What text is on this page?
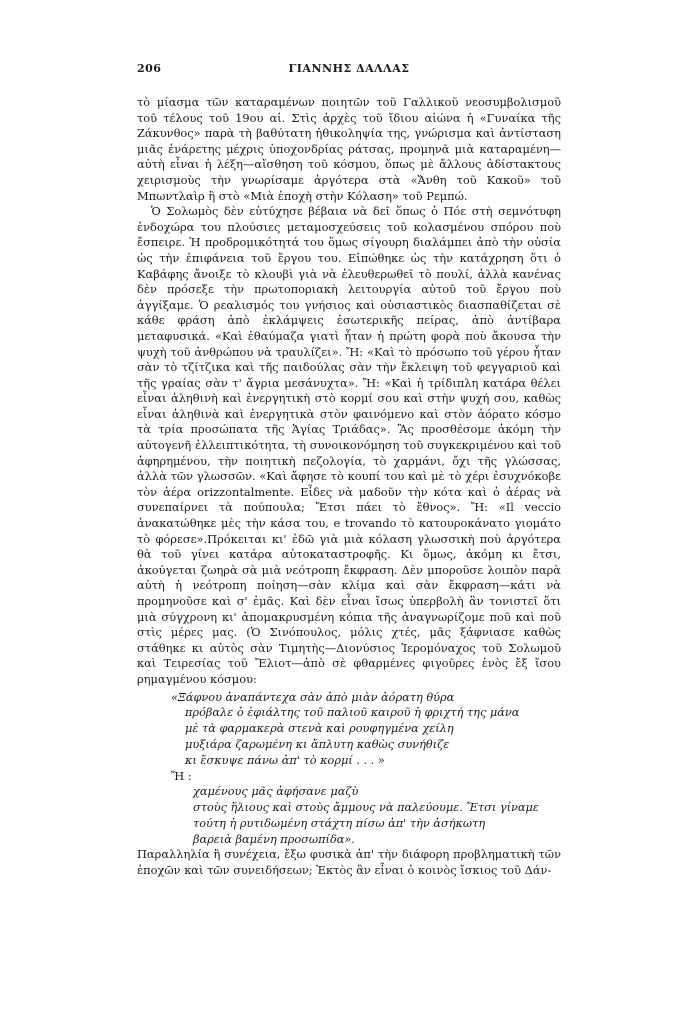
206	ΓΙΑΝΝΗΣ ΔΑΛΛΑΣ

τὸ μίασμα τῶν καταραμένων ποιητῶν τοῦ Γαλλικοῦ νεοσυμβολισμοῦ τοῦ τέλους τοῦ 19ου αἰ. Στὶς ἀρχὲς τοῦ ἴδιου αἰώνα ἡ «Γυναίκα τῆς Ζάκυνθος» παρὰ τὴ βαθύτατη ἠθικοληψία της, γνώρισμα καὶ ἀντίσταση μιᾶς ἐνάρετης μέχρις ὑποχονδρίας ράτσας, προμηνᾶ μιὰ καταραμένη—αὐτὴ εἶναι ἡ λέξη—αἴσθηση τοῦ κόσμου, ὅπως μὲ ἄλλους ἀδίστακτους χειρισμοὺς τὴν γνωρίσαμε ἀργότερα στὰ «Ἄνθη τοῦ Κακοῦ» τοῦ Μπωντλαὶρ ἢ στὸ «Μιὰ ἐποχὴ στὴν Κόλαση» τοῦ Ρεμπώ.

Ὁ Σολωμὸς δὲν εὐτύχησε βέβαια νὰ δεῖ ὅπως ὁ Πόε στὴ σεμνότυφη ἐνδοχώρα του πλούσιες μεταμοσχεύσεις τοῦ κολασμένου σπόρου ποὺ ἔσπειρε. Ἡ προδρομικότητά του ὅμως σίγουρη διαλάμπει ἀπὸ τὴν οὐσία ὡς τὴν ἐπιφάνεια τοῦ ἔργου του. Εἰπώθηκε ὡς τὴν κατάχρηση ὅτι ὁ Καβάφης ἄνοιξε τὸ κλουβὶ γιὰ νὰ ἐλευθερωθεῖ τὸ πουλί, ἀλλὰ κανένας δὲν πρόσεξε τὴν πρωτοποριακὴ λειτουργία αὐτοῦ τοῦ ἔργου ποὺ ἀγγίξαμε. Ὁ ρεαλισμός του γνήσιος καὶ οὐσιαστικὸς διασπαθίζεται σὲ κάθε φράση ἀπὸ ἐκλάμψεις ἐσωτερικῆς πείρας, ἀπὸ ἀντίβαρα μεταφυσικά. «Καὶ ἐθαύμαζα γιατὶ ἦταν ἡ πρώτη φορὰ ποὺ ἄκουσα τὴν ψυχὴ τοῦ ἀνθρώπου νὰ τραυλίζει». Ἤ: «Καὶ τὸ πρόσωπο τοῦ γέρου ἦταν σὰν τὸ τζίτζικα καὶ τῆς παιδούλας σὰν τὴν ἔκλειψη τοῦ φεγγαριοῦ καὶ τῆς γραίας σὰν τ' ἄγρια μεσάνυχτα». Ἤ: «Καὶ ἡ τρίδιπλη κατάρα θέλει εἶναι ἀληθινὴ καὶ ἐνεργητικὴ στὸ κορμί σου καὶ στὴν ψυχή σου, καθὼς εἶναι ἀληθινὰ καὶ ἐνεργητικὰ στὸν φαινόμενο καὶ στὸν ἀόρατο κόσμο τὰ τρία προσώπατα τῆς Ἁγίας Τριάδας». Ἂς προσθέσομε ἀκόμη τὴν αὐτογενῆ ἐλλειπτικότητα, τὴ συνοικονόμηση τοῦ συγκεκριμένου καὶ τοῦ ἀφηρημένου, τὴν ποιητικὴ πεζολογία, τὸ χαρμάνι, ὄχι τῆς γλώσσας, ἀλλὰ τῶν γλωσσῶν. «Καὶ ἄφησε τὸ κουπί του καὶ μὲ τὸ χέρι ἐσυχνόκοβε τὸν ἀέρα orizzontalmente. Εἶδες νὰ μαδοῦν τὴν κότα καὶ ὁ ἀέρας νὰ συνεπαίρνει τὰ πούπουλα; Ἔτσι πάει τὸ ἔθνος». Ἤ: «Il veccio ἀνακατώθηκε μὲς τὴν κάσα του, e trovando τὸ κατουροκάνατο γιομάτο τὸ φόρεσε».Πρόκειται κι' ἐδῶ γιὰ μιὰ κόλαση γλωσσικὴ ποὺ ἀργότερα θὰ τοῦ γίνει κατάρα αὐτοκαταστροφῆς. Κι ὅμως, ἀκόμη κι ἔτσι, ἀκούγεται ζωηρὰ σὰ μιὰ νεότροπη ἔκφραση. Δὲν μποροῦσε λοιπὸν παρὰ αὐτὴ ἡ νεότροπη ποίηση—σὰν κλίμα καὶ σὰν ἔκφραση—κάτι νὰ προμηνοῦσε καὶ σ' ἐμᾶς. Καὶ δὲν εἶναι ἴσως ὑπερβολὴ ἂν τονιστεῖ ὅτι μιὰ σύγχρονη κι' ἀπομακρυσμένη κόπια τῆς ἀναγνωρίζομε ποῦ καὶ ποῦ στὶς μέρες μας. (Ὁ Σινόπουλος, μόλις χτές, μᾶς ξάφνιασε καθὼς στάθηκε κι αὐτὸς σὰν Τιμητὴς—Διονύσιος Ἱερομόναχος τοῦ Σολωμοῦ καὶ Τειρεσίας τοῦ Ἔλιοτ—ἀπὸ σὲ φθαρμένες φιγοῦρες ἑνὸς ἔξ ἴσου ρημαγμένου κόσμου:

«Ξάφνου ἀναπάντεχα σὰν ἀπὸ μιὰν ἀόρατη θύρα
πρόβαλε ὁ ἐφιάλτης τοῦ παλιοῦ καιροῦ ἡ φριχτή της μάνα
μὲ τὰ φαρμακερὰ στενὰ καὶ ρουφηγμένα χείλη
μυξιάρα ζαρωμένη κι ἄπλυτη καθὼς συνήθιζε
κι ἔσκυψε πάνω ἀπ' τὸ κορμί . . . »
Ἤ :
χαμένους μᾶς ἀφήσανε μαζὺ
στοὺς ἥλιους καὶ στοὺς ἄμμους νὰ παλεύουμε. Ἔτσι γίναμε
τούτη ἡ ρυτιδωμένη στάχτη πίσω ἀπ' τὴν ἀσήκωτη
βαρειὰ βαμένη προσωπίδα».

Παραλληλία ἢ συνέχεια, ἔξω φυσικὰ ἀπ' τὴν διάφορη προβληματικὴ τῶν ἐποχῶν καὶ τῶν συνειδήσεων; Ἐκτὸς ἂν εἶναι ὁ κοινὸς ἴσκιος τοῦ Δάν-
